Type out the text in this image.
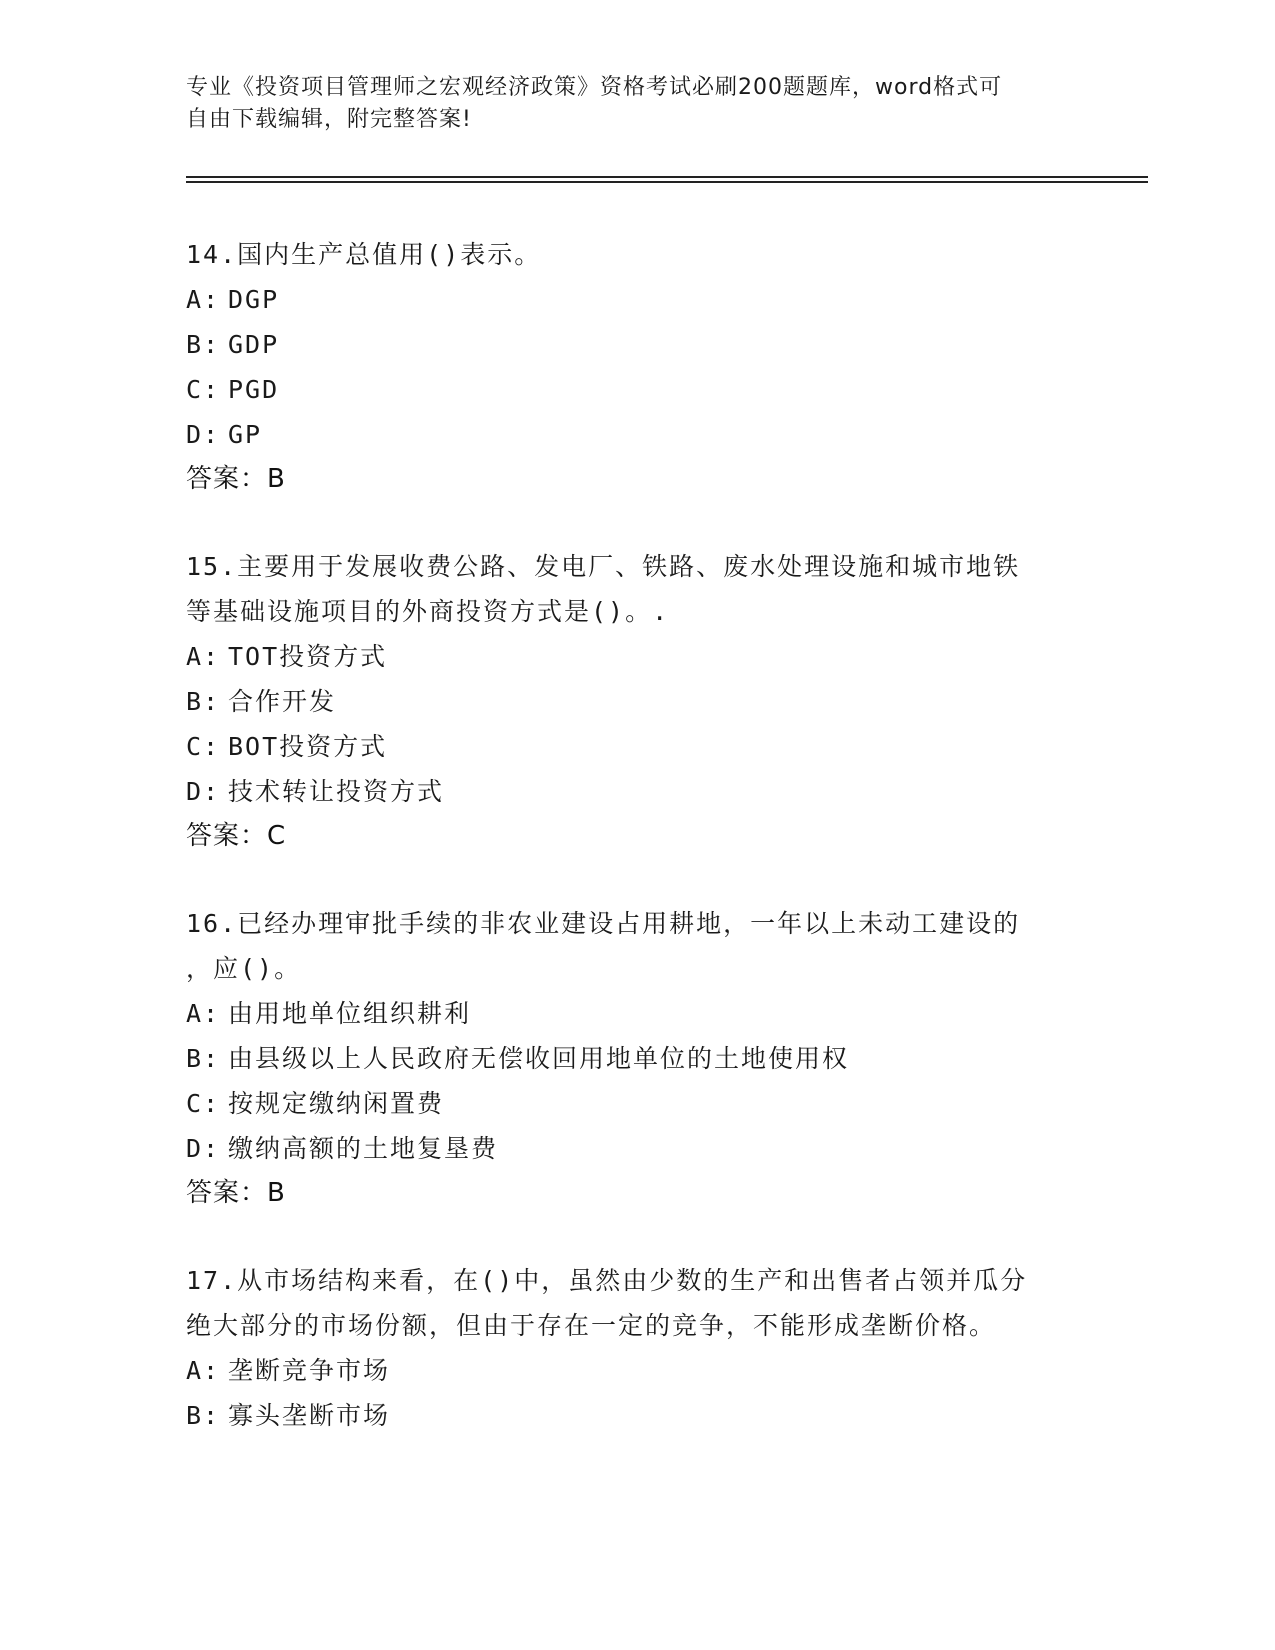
专业《投资项目管理师之宏观经济政策》资格考试必刷200题题库，word格式可
自由下载编辑，附完整答案!
14.国内生产总值用()表示。
A: DGP
B: GDP
C: PGD
D: GP
答案：B
15.主要用于发展收费公路、发电厂、铁路、废水处理设施和城市地铁
等基础设施项目的外商投资方式是()。.
A: TOT投资方式
B: 合作开发
C: BOT投资方式
D: 技术转让投资方式
答案：C
16.已经办理审批手续的非农业建设占用耕地，一年以上未动工建设的
，应()。
A: 由用地单位组织耕利
B: 由县级以上人民政府无偿收回用地单位的土地使用权
C: 按规定缴纳闲置费
D: 缴纳高额的土地复垦费
答案：B
17.从市场结构来看，在()中，虽然由少数的生产和出售者占领并瓜分
绝大部分的市场份额，但由于存在一定的竞争，不能形成垄断价格。
A: 垄断竞争市场
B: 寡头垄断市场
